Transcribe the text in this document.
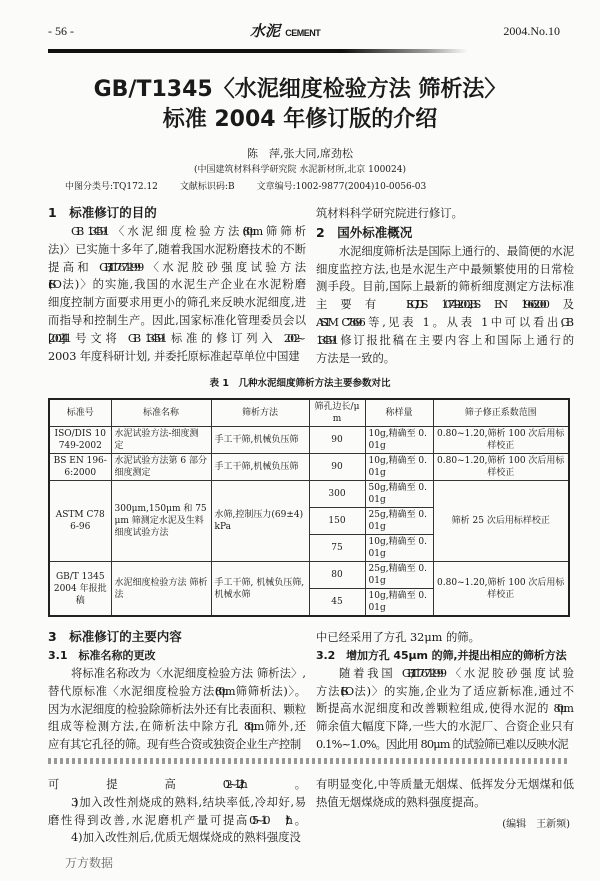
- 56 -	水泥 CEMENT	2004.No.10
GB/T1345〈水泥细度检验方法 筛析法〉
标准 2004 年修订版的介绍
陈　萍,张大同,席劲松
(中国建筑材料科学研究院 水泥新材所,北京 100024)
中图分类号:TQ172.12 文献标识码:B 文章编号:1002-9877(2004)10-0056-03
1　标准修订的目的
GB 1345-91〈水泥细度检验方法(80μm 筛筛析
法)〉已实施十多年了,随着我国水泥粉磨技术的不断
提高和 GB/T17671-1999〈水泥胶砂强度试验方法
(ISO 法)〉的实施,我国的水泥生产企业在水泥粉磨
细度控制方面要求用更小的筛孔来反映水泥细度,进
而指导和控制生产。因此,国家标准化管理委员会以
[2002]41 号文将 GB 1345-91 标准的修订列入 2002~
2003 年度科研计划, 并委托原标准起草单位中国建
筑材料科学研究院进行修订。
2　国外标准概况
水泥细度筛析法是国际上通行的、最简便的水泥
细度监控方法,也是水泥生产中最频繁使用的日常检
测手段。目前,国际上最新的筛析细度测定方法标准
主要有 ISO/DIS 10749-2002,BS EN 196-6:2000 及
ASTM C786-96 等, 见表 1。从表 1 中可以看出,GB
1345-91 修订报批稿在主要内容上和国际上通行的
方法是一致的。
表 1　几种水泥细度筛析方法主要参数对比
标准号	标准名称	筛析方法	筛孔边长/μm	称样量	筛子修正系数范围
ISO/DIS 10749-2002	水泥试验方法-细度测定	手工干筛,机械负压筛	90	10g,精确至 0.01g	0.80~1.20,筛析 100 次后用标样校正
BS EN 196-6:2000	水泥试验方法第 6 部分 细度测定	手工干筛,机械负压筛	90	10g,精确至 0.01g	0.80~1.20,筛析 100 次后用标样校正
ASTM C786-96	300μm,150μm 和 75μm 筛测定水泥及生料细度试验方法	水筛,控制压力(69±4)kPa	300	50g,精确至 0.01g	筛析 25 次后用标样校正
			150	25g,精确至 0.01g	
			75	10g,精确至 0.01g	
GB/T 1345 2004 年报批稿	水泥细度检验方法 筛析法	手工干筛, 机械负压筛, 机械水筛	80	25g,精确至 0.01g	0.80~1.20,筛析 100 次后用标样校正
			45	10g,精确至 0.01g	
3　标准修订的主要内容
3.1　标准名称的更改
将标准名称改为〈水泥细度检验方法 筛析法〉,
替代原标准〈水泥细度检验方法(80μm 筛筛析法)〉。
因为水泥细度的检验除筛析法外还有比表面积、颗粒
组成等检测方法, 在筛析法中除方孔 80μm 筛外,还
应有其它孔径的筛。现有些合资或独资企业生产控制
中已经采用了方孔 32μm 的筛。
3.2　增加方孔 45μm 的筛,并提出相应的筛析方法
随着我国 GB/T17671-1999〈水泥胶砂强度试验
方法(ISO 法)〉的实施,企业为了适应新标准,通过不
断提高水泥细度和改善颗粒组成,使得水泥的 80μm
筛余值大幅度下降,一些大的水泥厂、合资企业只有
0.1%~1.0%。因此用 80μm 的试验筛已难以反映水泥
可提高0.2~1.2t/h。
3)加入改性剂烧成的熟料,结块率低,冷却好,易
磨性得到改善,水泥磨机产量可提高0.5~1.0　t/h。
4)加入改性剂后,优质无烟煤烧成的熟料强度没
有明显变化,中等质量无烟煤、低挥发分无烟煤和低
热值无烟煤烧成的熟料强度提高。
(编辑　王新频)
万方数据
